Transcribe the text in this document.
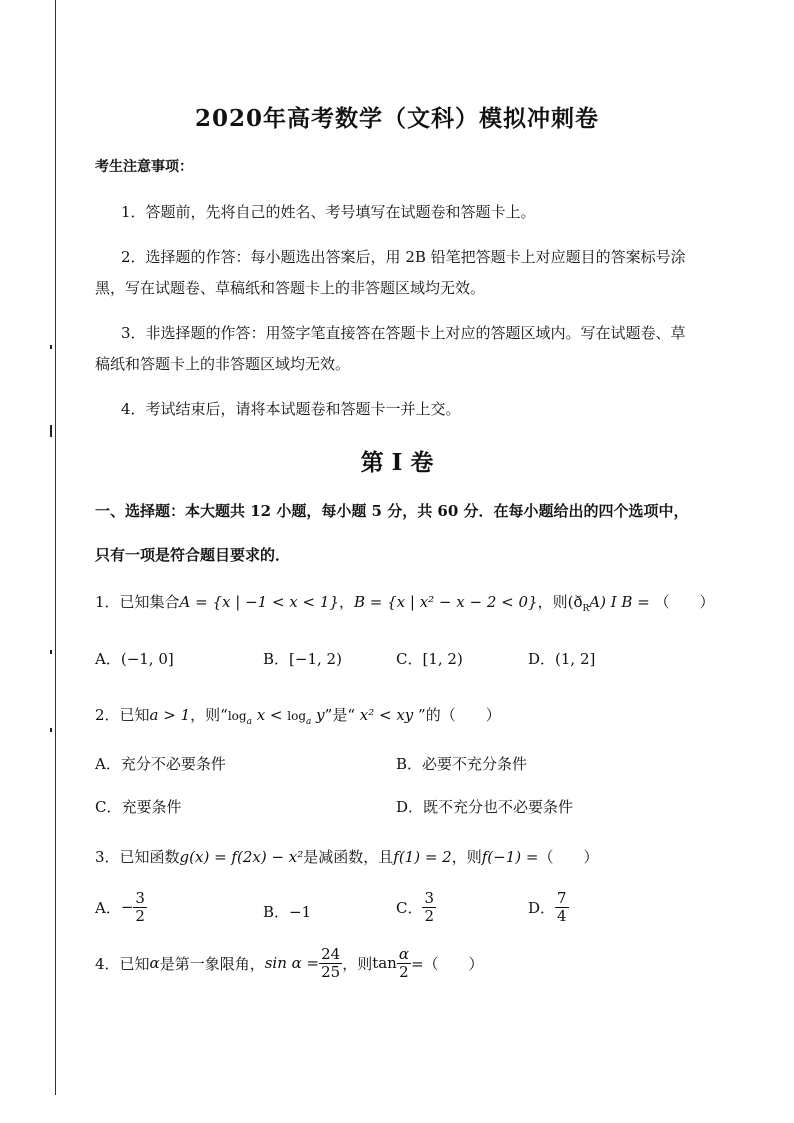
2020年高考数学（文科）模拟冲刺卷
考生注意事项：
1．答题前，先将自己的姓名、考号填写在试题卷和答题卡上。
2．选择题的作答：每小题选出答案后，用 2B 铅笔把答题卡上对应题目的答案标号涂
黑，写在试题卷、草稿纸和答题卡上的非答题区域均无效。
3．非选择题的作答：用签字笔直接答在答题卡上对应的答题区域内。写在试题卷、草
稿纸和答题卡上的非答题区域均无效。
4．考试结束后，请将本试题卷和答题卡一并上交。
第 I 卷
一、选择题：本大题共 12 小题，每小题 5 分，共 60 分．在每小题给出的四个选项中，
只有一项是符合题目要求的．
1．已知集合A = {x | −1 < x < 1}，B = {x | x² − x − 2 < 0}，则$(ð_RA)$ I B = （　　）
A．(−1, 0]	B．[−1, 2)	C．[1, 2)	D．(1, 2]
2．已知a > 1，则“$\log_a$ $x < \log_a y$”是“ x² < xy ”的（　　）
A．充分不必要条件	B．必要不充分条件
C．充要条件	D．既不充分也不必要条件
3．已知函数g(x) = f(2x) − x²是减函数，且f(1) = 2，则f(−1) =（　　）
A． − $\frac{3}{2}$	B．−1	C． $\frac{3}{2}$	D． $\frac{7}{4}$
4．已知 α 是第一象限角， $\sin \alpha = \frac{24}{25}$ ，则 $\tan \frac{\alpha}{2}$ =（　　）
